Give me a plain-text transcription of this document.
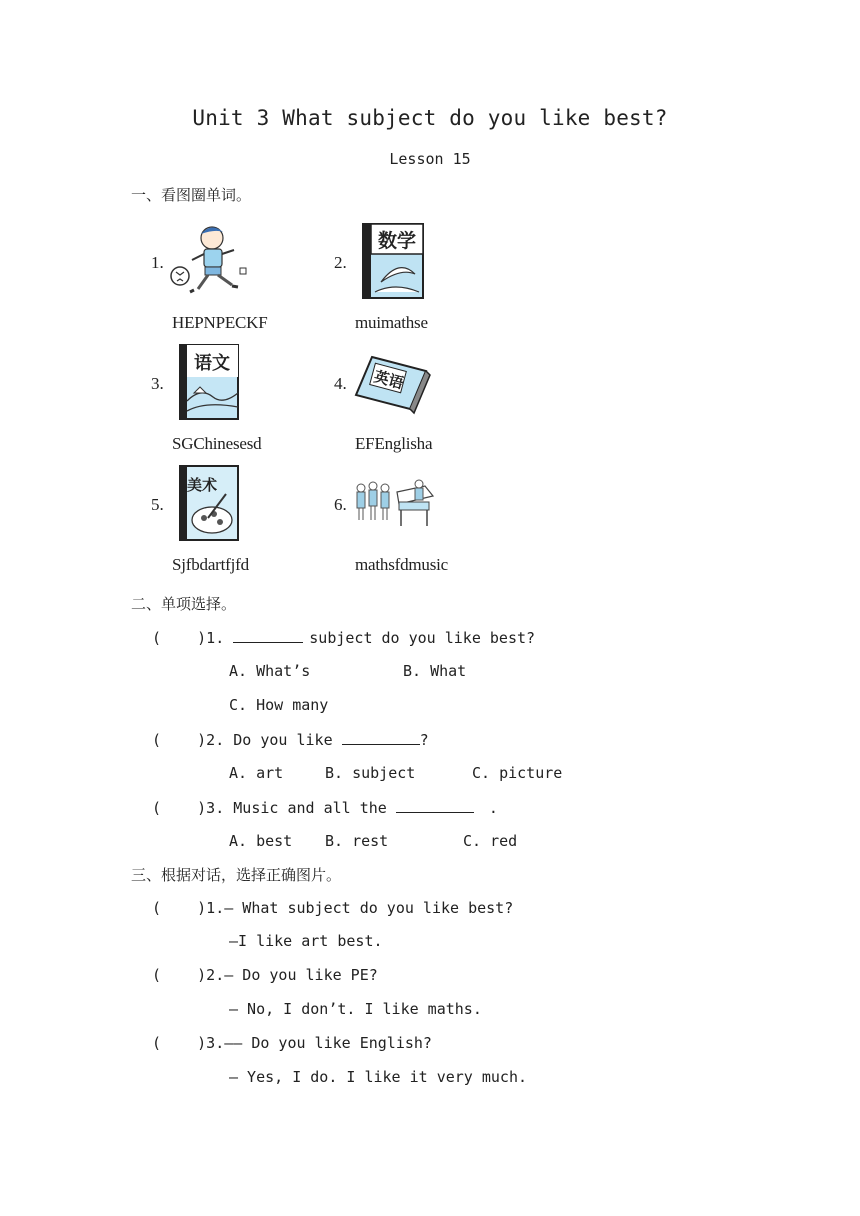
Unit 3 What subject do you like best?
Lesson 15
一、看图圈单词。
1.
HEPNPECKF
2.
数学
muimathse
3.
语文
SGChinesesd
4. 英语
EFEnglisha
5.
美术
Sjfbdartfjfd
6.
mathsfdmusic
二、单项选择。
(    )1.	subject do you like best?
A. What’s	B. What
C. How many
(    )2. Do you like	?
A. art	B. subject	C. picture
(    )3. Music and all the	.
A. best B. rest	C. red
三、根据对话，选择正确图片。
(    )1.— What subject do you like best?
—I like art best.
(    )2.— Do you like PE?
— No, I don’t. I like maths.
(    )3.—— Do you like English?
— Yes, I do. I like it very much.
